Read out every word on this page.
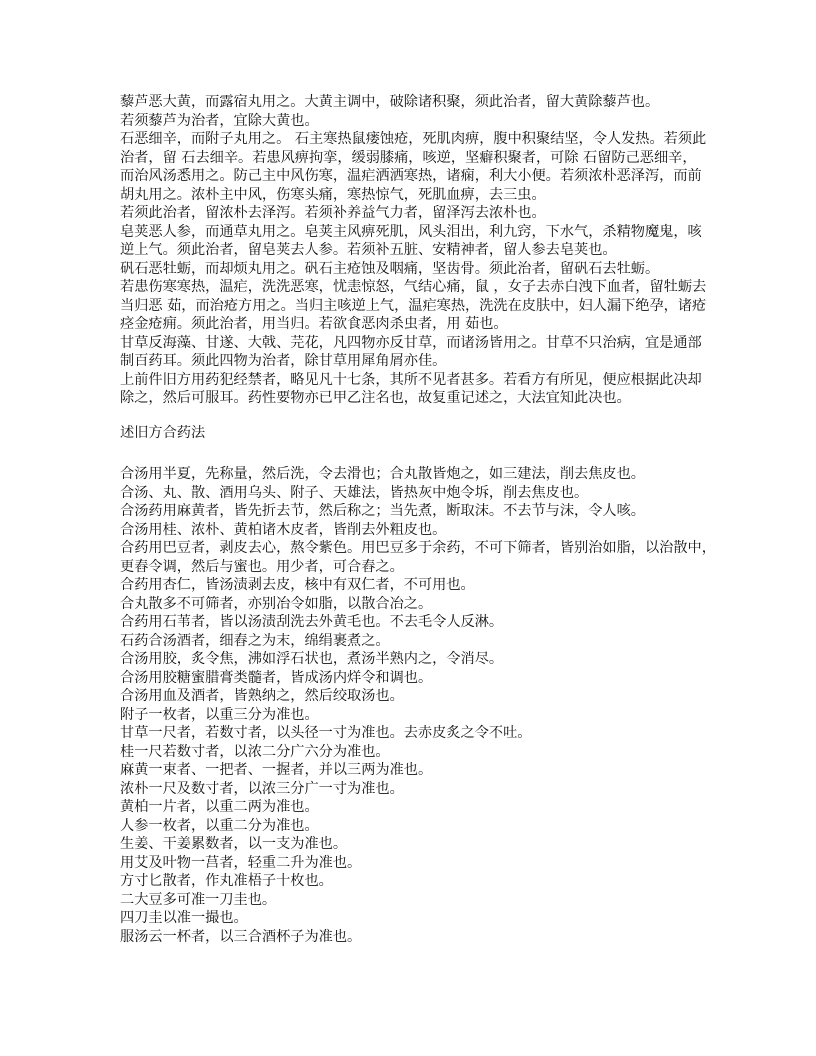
藜芦恶大黄，而露宿丸用之。大黄主调中，破除诸积聚，须此治者，留大黄除藜芦也。
若须藜芦为治者，宜除大黄也。
石恶细辛，而附子丸用之。 石主寒热鼠瘘蚀疮，死肌肉痹，腹中积聚结坚，令人发热。若须此
治者，留 石去细辛。若患风痹拘挛，缓弱膝痛，咳逆，坚癖积聚者，可除 石留防己恶细辛，
而治风汤悉用之。防己主中风伤寒，温疟洒洒寒热，诸痫，利大小便。若须浓朴恶泽泻，而前
胡丸用之。浓朴主中风，伤寒头痛，寒热惊气，死肌血痹，去三虫。
若须此治者，留浓朴去泽泻。若须补养益气力者，留泽泻去浓朴也。
皂荚恶人参，而通草丸用之。皂荚主风痹死肌，风头泪出，利九窍，下水气，杀精物魔鬼，咳
逆上气。须此治者，留皂荚去人参。若须补五脏、安精神者，留人参去皂荚也。
矾石恶牡蛎，而却烦丸用之。矾石主疮蚀及咽痛，坚齿骨。须此治者，留矾石去牡蛎。
若患伤寒寒热，温疟，洗洗恶寒，忧恚惊怒，气结心痛，鼠 ，女子去赤白洩下血者，留牡蛎去
当归恶 茹，而治疮方用之。当归主咳逆上气，温疟寒热，洗洗在皮肤中，妇人漏下绝孕，诸疮
痉金疮痈。须此治者，用当归。若欲食恶肉杀虫者，用 茹也。
甘草反海藻、甘遂、大戟、芫花，凡四物亦反甘草，而诸汤皆用之。甘草不只治病，宜是通部
制百药耳。须此四物为治者，除甘草用犀角屑亦佳。
上前件旧方用药犯经禁者，略见凡十七条，其所不见者甚多。若看方有所见，便应根据此决却
除之，然后可服耳。药性要物亦已甲乙注名也，故复重记述之，大法宜知此决也。
述旧方合药法
合汤用半夏，先称量，然后洗，令去滑也；合丸散皆炮之，如三建法，削去焦皮也。
合汤、丸、散、酒用乌头、附子、天雄法，皆热灰中炮令坼，削去焦皮也。
合汤药用麻黄者，皆先折去节，然后称之；当先煮，断取沫。不去节与沫，令人咳。
合汤用桂、浓朴、黄柏诸木皮者，皆削去外粗皮也。
合药用巴豆者，剥皮去心，熬令紫色。用巴豆多于余药，不可下筛者，皆别治如脂，以治散中，
更舂令调，然后与蜜也。用少者，可合舂之。
合药用杏仁，皆汤渍剥去皮，核中有双仁者，不可用也。
合丸散多不可筛者，亦别冶令如脂，以散合冶之。
合药用石苇者，皆以汤渍刮洗去外黄毛也。不去毛令人反淋。
石药合汤酒者，细舂之为末，绵绢裹煮之。
合汤用胶，炙令焦，沸如浮石状也，煮汤半熟内之，令消尽。
合汤用胶糖蜜腊膏类髓者，皆成汤内烊令和调也。
合汤用血及酒者，皆熟纳之，然后绞取汤也。
附子一枚者，以重三分为准也。
甘草一尺者，若数寸者，以头径一寸为准也。去赤皮炙之令不吐。
桂一尺若数寸者，以浓二分广六分为准也。
麻黄一束者、一把者、一握者，并以三两为准也。
浓朴一尺及数寸者，以浓三分广一寸为准也。
黄柏一片者，以重二两为准也。
人参一枚者，以重二分为准也。
生姜、干姜累数者，以一支为准也。
用艾及叶物一莒者，轻重二升为准也。
方寸匕散者，作丸准梧子十枚也。
二大豆多可准一刀圭也。
四刀圭以准一撮也。
服汤云一杯者，以三合酒杯子为准也。
